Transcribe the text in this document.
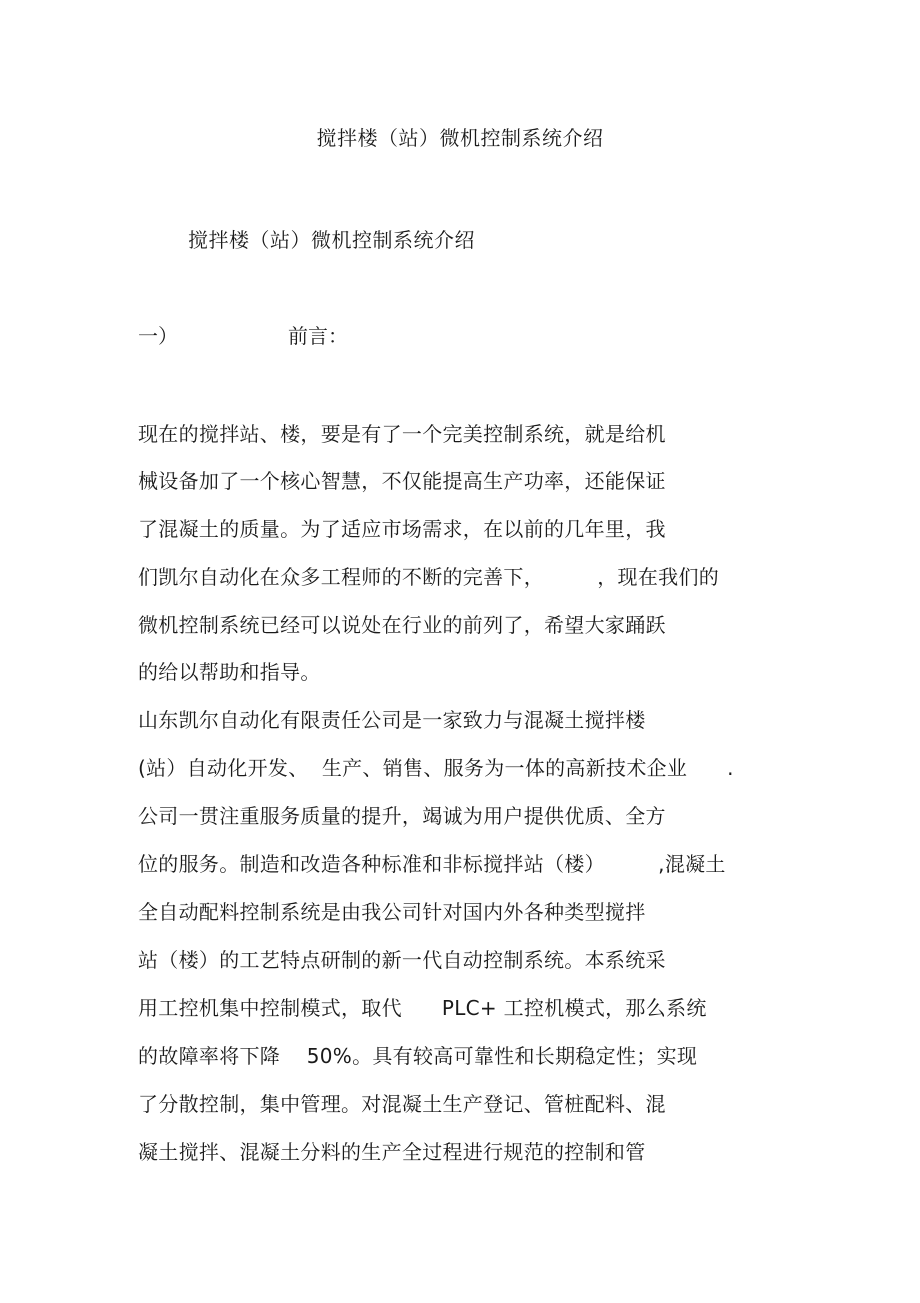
搅拌楼（站）微机控制系统介绍
搅拌楼（站）微机控制系统介绍
一）	前言：
现在的搅拌站、楼，要是有了一个完美控制系统，就是给机
械设备加了一个核心智慧，不仅能提高生产功率，还能保证
了混凝土的质量。为了适应市场需求，在以前的几年里，我
们凯尔自动化在众多工程师的不断的完善下，        ，现在我们的
微机控制系统已经可以说处在行业的前列了，希望大家踊跃
的给以帮助和指导。
山东凯尔自动化有限责任公司是一家致力与混凝土搅拌楼
(站）自动化开发、  生产、销售、服务为一体的高新技术企业      .
公司一贯注重服务质量的提升，竭诚为用户提供优质、全方
位的服务。制造和改造各种标准和非标搅拌站（楼）        ,混凝土
全自动配料控制系统是由我公司针对国内外各种类型搅拌
站（楼）的工艺特点研制的新一代自动控制系统。本系统采
用工控机集中控制模式，取代      PLC+ 工控机模式，那么系统
的故障率将下降    50%。具有较高可靠性和长期稳定性；实现
了分散控制，集中管理。对混凝土生产登记、管桩配料、混
凝土搅拌、混凝土分料的生产全过程进行规范的控制和管
